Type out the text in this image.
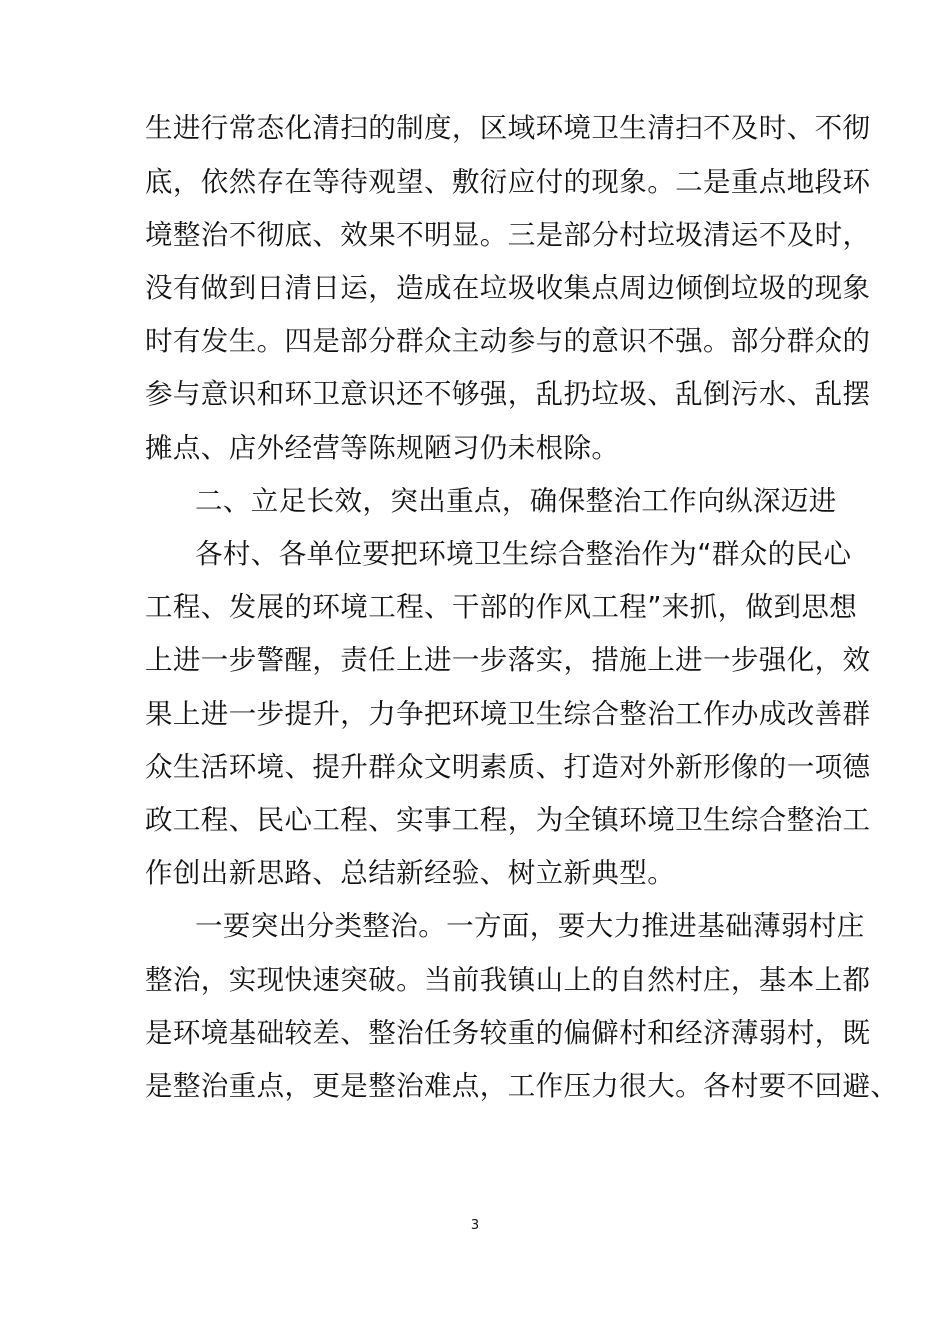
生进行常态化清扫的制度，区域环境卫生清扫不及时、不彻
底，依然存在等待观望、敷衍应付的现象。二是重点地段环
境整治不彻底、效果不明显。三是部分村垃圾清运不及时，
没有做到日清日运，造成在垃圾收集点周边倾倒垃圾的现象
时有发生。四是部分群众主动参与的意识不强。部分群众的
参与意识和环卫意识还不够强，乱扔垃圾、乱倒污水、乱摆
摊点、店外经营等陈规陋习仍未根除。
二、立足长效，突出重点，确保整治工作向纵深迈进
各村、各单位要把环境卫生综合整治作为“群众的民心
工程、发展的环境工程、干部的作风工程”来抓，做到思想
上进一步警醒，责任上进一步落实，措施上进一步强化，效
果上进一步提升，力争把环境卫生综合整治工作办成改善群
众生活环境、提升群众文明素质、打造对外新形像的一项德
政工程、民心工程、实事工程，为全镇环境卫生综合整治工
作创出新思路、总结新经验、树立新典型。
一要突出分类整治。一方面，要大力推进基础薄弱村庄
整治，实现快速突破。当前我镇山上的自然村庄，基本上都
是环境基础较差、整治任务较重的偏僻村和经济薄弱村，既
是整治重点，更是整治难点，工作压力很大。各村要不回避、
3
